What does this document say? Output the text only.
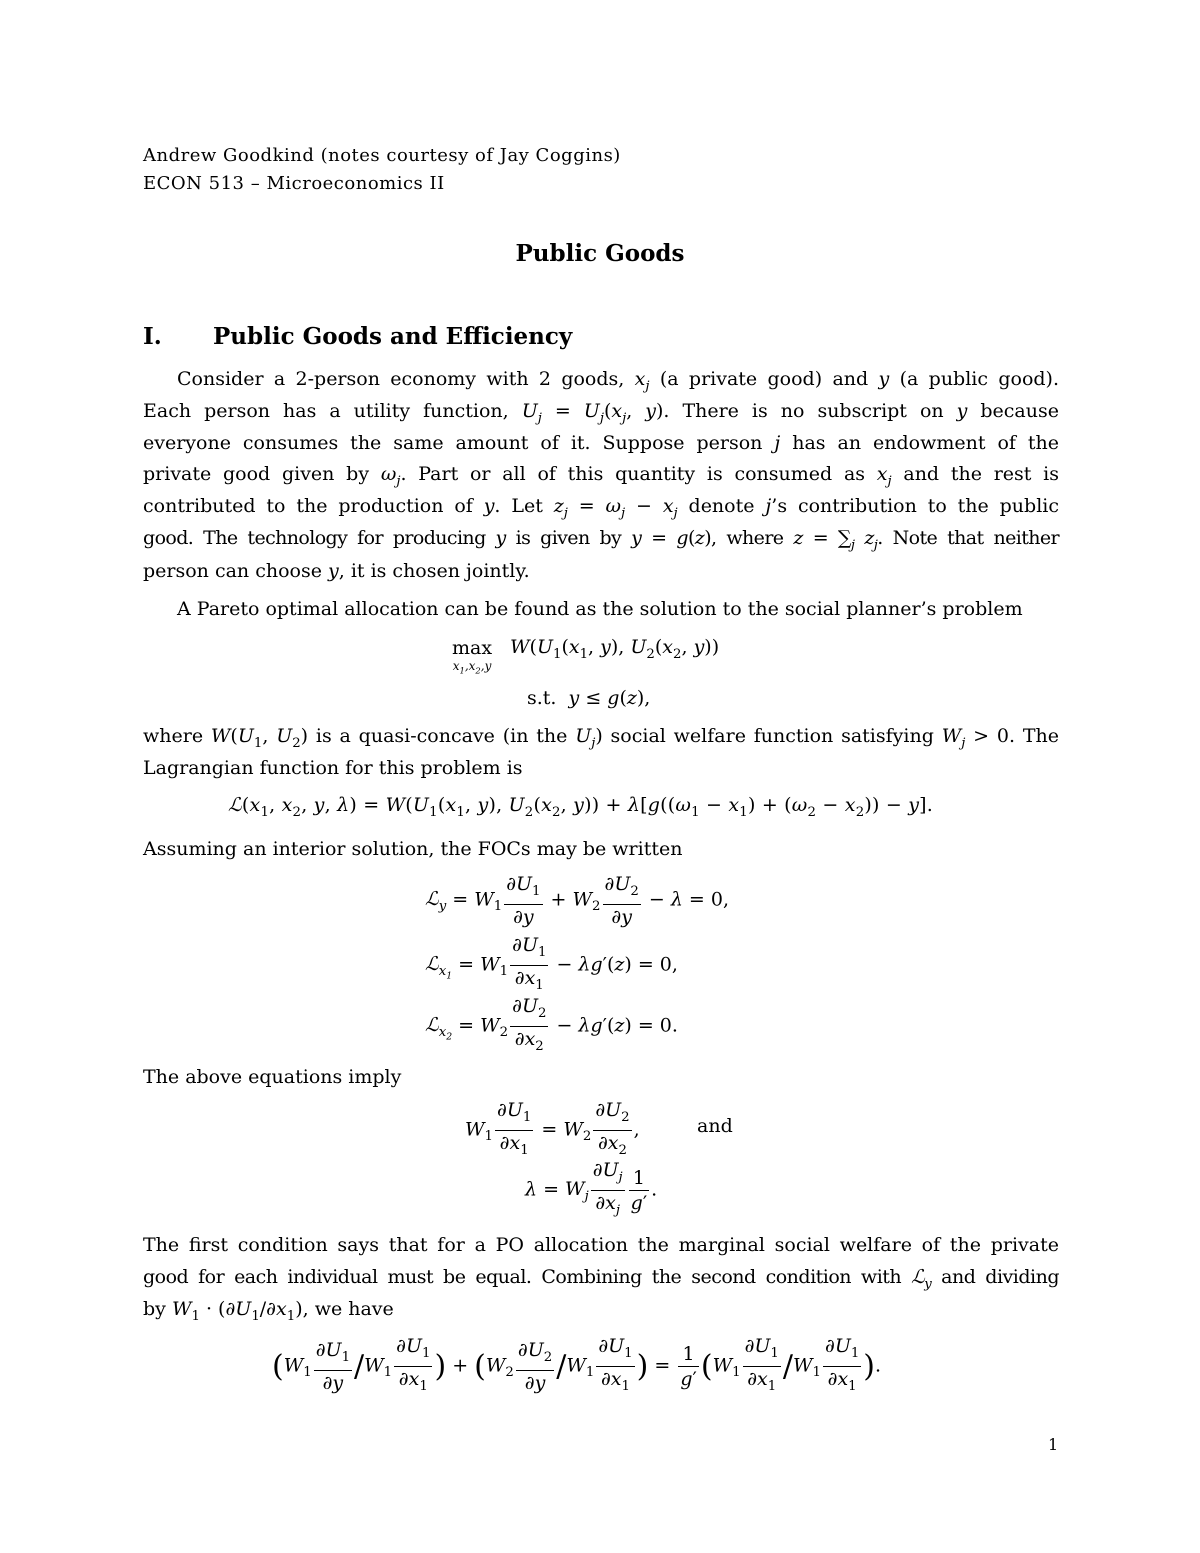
Andrew Goodkind (notes courtesy of Jay Coggins)
ECON 513 – Microeconomics II
Public Goods
I. Public Goods and Efficiency
Consider a 2-person economy with 2 goods, $x_j$ (a private good) and y (a public good).
Each person has a utility function, $U_j = U_j(x_j$, y). There is no subscript on y because
everyone consumes the same amount of it. Suppose person j has an endowment of the
private good given by $\omega_j$. Part or all of this quantity is consumed as $x_j$ and the rest is
contributed to the production of y. Let $z_j = \omega_j - x_j$ denote j’s contribution to the public
good. The technology for producing y is given by y = g(z), where $z = \sum_j$ $z_j$. Note that neither
person can choose y, it is chosen jointly.
A Pareto optimal allocation can be found as the solution to the social planner’s problem
max
$x_1,x_2,y$
$W(U_1(x_1$, y), $U_2(x_2$, y))
s.t.  y ≤ g(z),
where $W(U_1$, $U_2$) is a quasi-concave (in the $U_j$) social welfare function satisfying $W_j > 0$. The
Lagrangian function for this problem is
$ℒ(x_1$, $x_2$, y, $\lambda) = W(U_1(x_1$, y), $U_2(x_2$, $y)) + \lambda[g((\omega_1 - x_1) + (\omega_2 - x_2)) - y]$.
Assuming an interior solution, the FOCs may be written
ℒ$_y$ = $W_1 \frac{\partial U_1}{\partial y} + W_2 \frac{\partial U_2}{\partial y} - \lambda = 0$,
ℒ$_{x_1}$ = $W_1 \frac{\partial U_1}{\partial x_1} - \lambda g'(z) = 0$,
ℒ$_{x_2}$ = $W_2 \frac{\partial U_2}{\partial x_2} - \lambda g'(z) = 0$.
The above equations imply
$W_1 \frac{\partial U_1}{\partial x_1} = W_2 \frac{\partial U_2}{\partial x_2}$ ,	and
$\lambda = W_j \frac{\partial U_j}{\partial x_j} \frac{1}{g'}$ .
The first condition says that for a PO allocation the marginal social welfare of the private
good for each individual must be equal. Combining the second condition with ℒ$_y$ and dividing
by $W_1 \cdot (\partial U_1/\partial x_1)$, we have
($W_1 \frac{\partial U_1}{\partial y} /W_1 \frac{\partial U_1}{\partial x_1}$ ) + ($W_2 \frac{\partial U_2}{\partial y} /W_1 \frac{\partial U_1}{\partial x_1}$ ) = $\frac{1}{g'} (W_1 \frac{\partial U_1}{\partial x_1} /W_1 \frac{\partial U_1}{\partial x_1}$ ).
1
